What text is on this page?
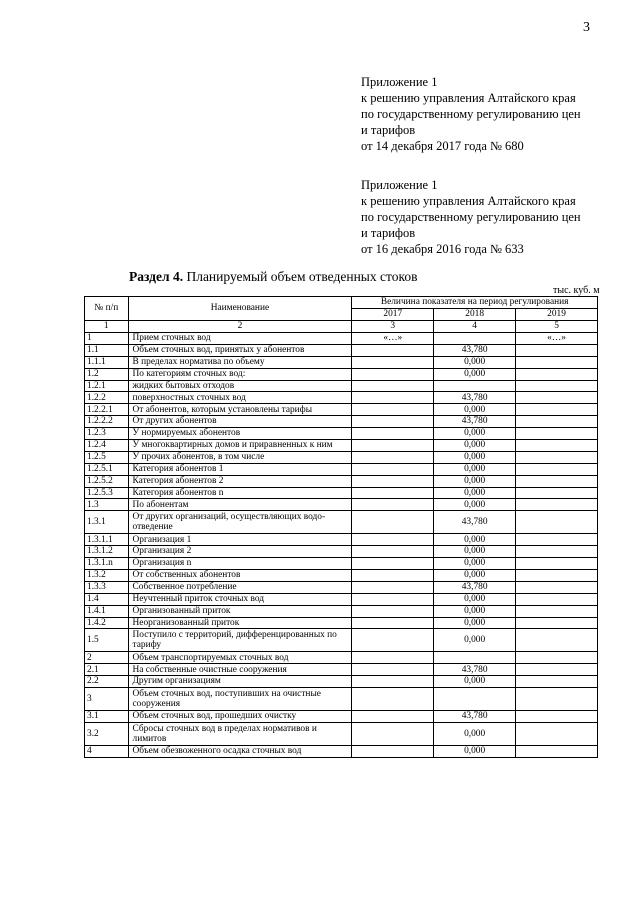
3
Приложение 1
к решению управления Алтайского края
по государственному регулированию цен
и тарифов
от 14 декабря 2017 года № 680
Приложение 1
к решению управления Алтайского края
по государственному регулированию цен
и тарифов
от 16 декабря 2016 года № 633
Раздел 4. Планируемый объем отведенных стоков
тыс. куб. м
№ п/п	Наименование	Величина показателя на период регулирования		
		2017	2018	2019
1	2	3	4	5
1	Прием сточных вод	«…»		«…»
1.1	Объем сточных вод, принятых у абонентов		43,780	
1.1.1	В пределах норматива по объему		0,000	
1.2	По категориям сточных вод:		0,000	
1.2.1	жидких бытовых отходов			
1.2.2	поверхностных сточных вод		43,780	
1.2.2.1	От абонентов, которым установлены тарифы		0,000	
1.2.2.2	От других абонентов		43,780	
1.2.3	У нормируемых абонентов		0,000	
1.2.4	У многоквартирных домов и приравненных к ним		0,000	
1.2.5	У прочих абонентов, в том числе		0,000	
1.2.5.1	Категория абонентов 1		0,000	
1.2.5.2	Категория абонентов 2		0,000	
1.2.5.3	Категория абонентов n		0,000	
1.3	По абонентам		0,000	
1.3.1	От других организаций, осуществляющих водо-отведение		43,780	
1.3.1.1	Организация 1		0,000	
1.3.1.2	Организация 2		0,000	
1.3.1.n	Организация n		0,000	
1.3.2	От собственных абонентов		0,000	
1.3.3	Собственное потребление		43,780	
1.4	Неучтенный приток сточных вод		0,000	
1.4.1	Организованный приток		0,000	
1.4.2	Неорганизованный приток		0,000	
1.5	Поступило с территорий, дифференцированных по тарифу		0,000	
2	Объем транспортируемых сточных вод			
2.1	На собственные очистные сооружения		43,780	
2.2	Другим организациям		0,000	
3	Объем сточных вод, поступивших на очистные сооружения			
3.1	Объем сточных вод, прошедших очистку		43,780	
3.2	Сбросы сточных вод в пределах нормативов и лимитов		0,000	
4	Объем обезвоженного осадка сточных вод		0,000	
